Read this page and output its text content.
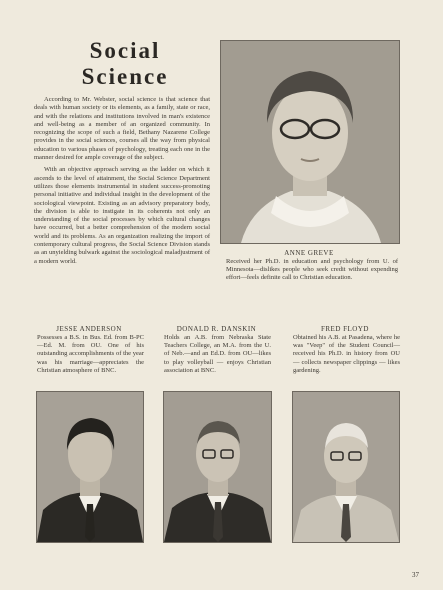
Social
Science

According to Mr. Webster, social science is that science that deals with human society or its elements, as a family, state or race, and with the relations and institutions involved in man's existence and well-being as a member of an organized community. In recognizing the scope of such a field, Bethany Nazarene College provides in the social sciences, courses all the way from physical education to various phases of psychology, treating each one in the manner desired for ample coverage of the subject.

With an objective approach serving as the ladder on which it ascends to the level of attainment, the Social Science Department utilizes those elements instrumental in student success-promoting personal initiative and individual insight in the development of the sociological viewpoint. Existing as an advisory preparatory body, the division is able to instigate in its coherents not only an understanding of the social processes by which cultural changes have occurred, but a better comprehension of the modern social world and its problems. As an organization realizing the import of contemporary cultural progress, the Social Science Division stands as an unyielding bulwark against the sociological maladjustment of a modern world.

ANNE GREVE
Received her Ph.D. in education and psychology from U. of Minnesota—dislikes people who seek credit without expending effort—feels definite call to Christian education.
JESSE ANDERSON
Possesses a B.S. in Bus. Ed. from B-PC—Ed. M. from OU. One of his outstanding accomplishments of the year was his marriage—appreciates the Christian atmosphere of BNC.
DONALD R. DANSKIN
Holds an A.B. from Nebraska State Teachers College, an M.A. from the U. of Neb.—and an Ed.D. from OU—likes to play volleyball — enjoys Christian association at BNC.
FRED FLOYD
Obtained his A.B. at Pasadena, where he was "Veep" of the Student Council—received his Ph.D. in history from OU — collects newspaper clippings — likes gardening.
37
